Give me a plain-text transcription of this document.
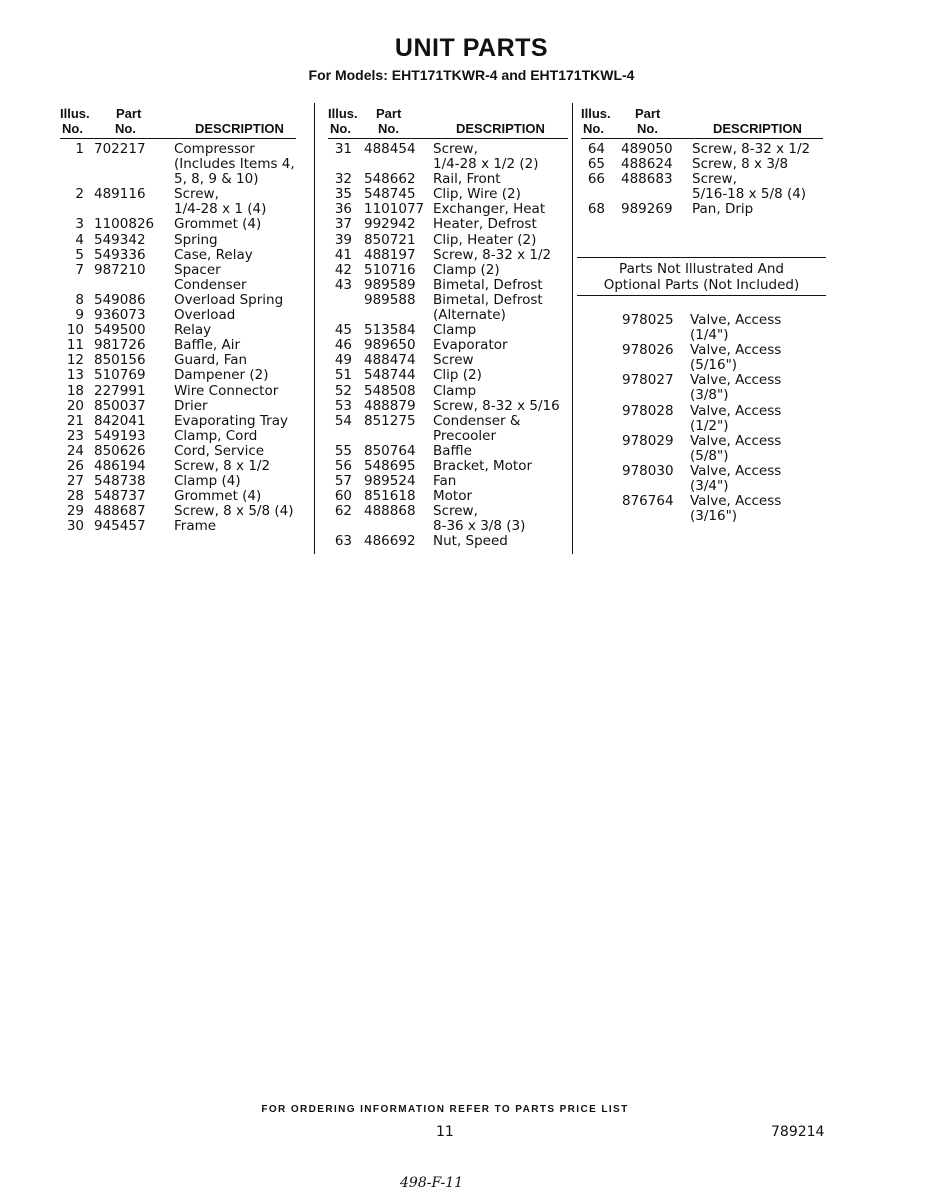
UNIT PARTS
For Models: EHT171TKWR-4 and EHT171TKWL-4
Illus.
No.
Part
No.	DESCRIPTION
1 702217 Compressor
(Includes Items 4,
5, 8, 9 & 10)
2 489116 Screw,
1/4-28 x 1 (4)
3 1100826 Grommet (4)
4 549342 Spring
5 549336 Case, Relay
7 987210 Spacer
Condenser
8 549086 Overload Spring
9 936073 Overload
10 549500 Relay
11 981726 Baffle, Air
12 850156 Guard, Fan
13 510769 Dampener (2)
18 227991 Wire Connector
20 850037 Drier
21 842041 Evaporating Tray
23 549193 Clamp, Cord
24 850626 Cord, Service
26 486194 Screw, 8 x 1/2
27 548738 Clamp (4)
28 548737 Grommet (4)
29 488687 Screw, 8 x 5/8 (4)
30 945457 Frame
Illus.
No.
Part
No.	DESCRIPTION
31 488454 Screw,
1/4-28 x 1/2 (2)
32 548662 Rail, Front
35 548745 Clip, Wire (2)
36 1101077 Exchanger, Heat
37 992942 Heater, Defrost
39 850721 Clip, Heater (2)
41 488197 Screw, 8-32 x 1/2
42 510716 Clamp (2)
43 989589 Bimetal, Defrost
989588 Bimetal, Defrost
(Alternate)
45 513584 Clamp
46 989650 Evaporator
49 488474 Screw
51 548744 Clip (2)
52 548508 Clamp
53 488879 Screw, 8-32 x 5/16
54 851275 Condenser &
Precooler
55 850764 Baffle
56 548695 Bracket, Motor
57 989524 Fan
60 851618 Motor
62 488868 Screw,
8-36 x 3/8 (3)
63 486692 Nut, Speed
Illus.
No.
Part
No.	DESCRIPTION
64 489050 Screw, 8-32 x 1/2
65 488624 Screw, 8 x 3/8
66 488683 Screw,
5/16-18 x 5/8 (4)
68 989269 Pan, Drip
Parts Not Illustrated And
Optional Parts (Not Included)
978025 Valve, Access
(1/4")
978026 Valve, Access
(5/16")
978027 Valve, Access
(3/8")
978028 Valve, Access
(1/2")
978029 Valve, Access
(5/8")
978030 Valve, Access
(3/4")
876764 Valve, Access
(3/16")
FOR ORDERING INFORMATION REFER TO PARTS PRICE LIST
11	789214
498-F-11
